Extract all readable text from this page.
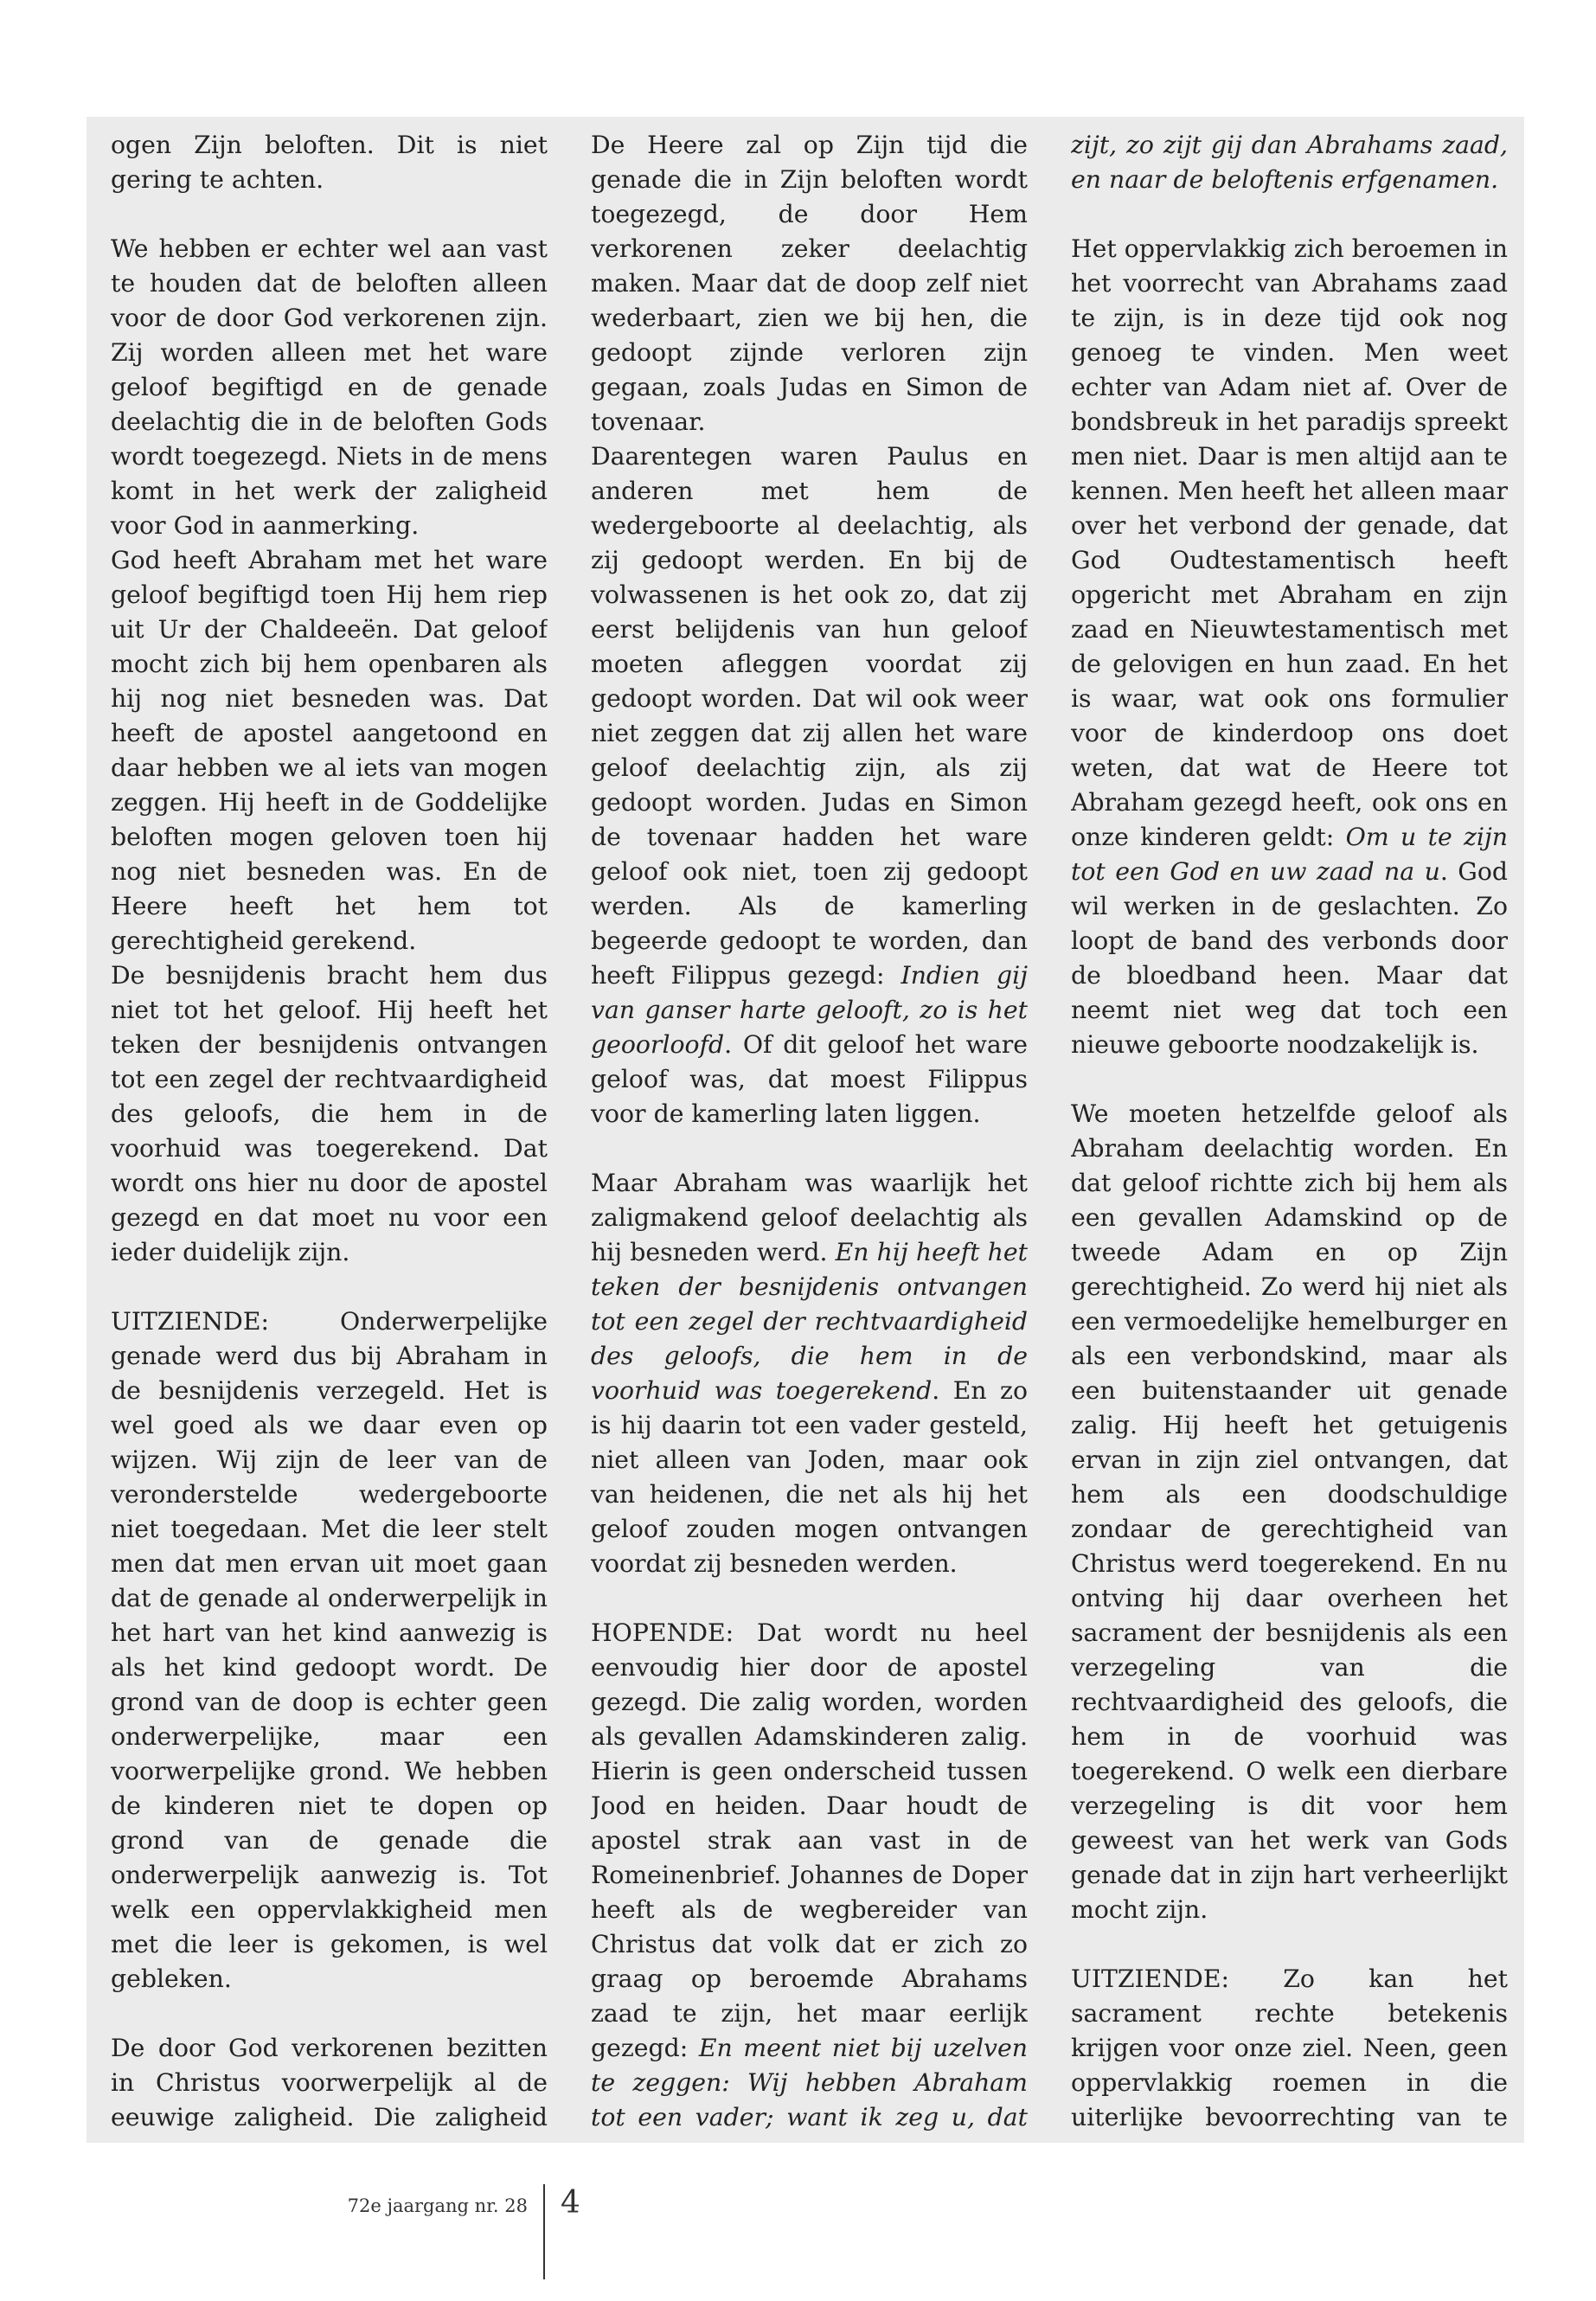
ogen Zijn beloften. Dit is niet gering te achten.

We hebben er echter wel aan vast te houden dat de beloften alleen voor de door God verkorenen zijn. Zij worden alleen met het ware geloof begiftigd en de genade deelachtig die in de beloften Gods wordt toegezegd. Niets in de mens komt in het werk der zaligheid voor God in aanmerking.

God heeft Abraham met het ware geloof begiftigd toen Hij hem riep uit Ur der Chaldeeën. Dat geloof mocht zich bij hem openbaren als hij nog niet besneden was. Dat heeft de apostel aangetoond en daar hebben we al iets van mogen zeggen. Hij heeft in de Goddelijke beloften mogen geloven toen hij nog niet besneden was. En de Heere heeft het hem tot gerechtigheid gerekend.

De besnijdenis bracht hem dus niet tot het geloof. Hij heeft het teken der besnijdenis ontvangen tot een zegel der rechtvaardigheid des geloofs, die hem in de voorhuid was toegerekend. Dat wordt ons hier nu door de apostel gezegd en dat moet nu voor een ieder duidelijk zijn.

UITZIENDE: Onderwerpelijke genade werd dus bij Abraham in de besnijdenis verzegeld. Het is wel goed als we daar even op wijzen. Wij zijn de leer van de veronderstelde wedergeboorte niet toegedaan. Met die leer stelt men dat men ervan uit moet gaan dat de genade al onderwerpelijk in het hart van het kind aanwezig is als het kind gedoopt wordt. De grond van de doop is echter geen onderwerpelijke, maar een voorwerpelijke grond. We hebben de kinderen niet te dopen op grond van de genade die onderwerpelijk aanwezig is. Tot welk een oppervlakkigheid men met die leer is gekomen, is wel gebleken.

De door God verkorenen bezitten in Christus voorwerpelijk al de eeuwige zaligheid. Die zaligheid

De Heere zal op Zijn tijd die genade die in Zijn beloften wordt toegezegd, de door Hem verkorenen zeker deelachtig maken. Maar dat de doop zelf niet wederbaart, zien we bij hen, die gedoopt zijnde verloren zijn gegaan, zoals Judas en Simon de tovenaar.

Daarentegen waren Paulus en anderen met hem de wedergeboorte al deelachtig, als zij gedoopt werden. En bij de volwassenen is het ook zo, dat zij eerst belijdenis van hun geloof moeten afleggen voordat zij gedoopt worden. Dat wil ook weer niet zeggen dat zij allen het ware geloof deelachtig zijn, als zij gedoopt worden. Judas en Simon de tovenaar hadden het ware geloof ook niet, toen zij gedoopt werden. Als de kamerling begeerde gedoopt te worden, dan heeft Filippus gezegd: Indien gij van ganser harte gelooft, zo is het geoorloofd. Of dit geloof het ware geloof was, dat moest Filippus voor de kamerling laten liggen.

Maar Abraham was waarlijk het zaligmakend geloof deelachtig als hij besneden werd. En hij heeft het teken der besnijdenis ontvangen tot een zegel der rechtvaardigheid des geloofs, die hem in de voorhuid was toegerekend. En zo is hij daarin tot een vader gesteld, niet alleen van Joden, maar ook van heidenen, die net als hij het geloof zouden mogen ontvangen voordat zij besneden werden.

HOPENDE: Dat wordt nu heel eenvoudig hier door de apostel gezegd. Die zalig worden, worden als gevallen Adamskinderen zalig. Hierin is geen onderscheid tussen Jood en heiden. Daar houdt de apostel strak aan vast in de Romeinenbrief. Johannes de Doper heeft als de wegbereider van Christus dat volk dat er zich zo graag op beroemde Abrahams zaad te zijn, het maar eerlijk gezegd: En meent niet bij uzelven te zeggen: Wij hebben Abraham tot een vader; want ik zeg u, dat

zijt, zo zijt gij dan Abrahams zaad, en naar de beloftenis erfgenamen.

Het oppervlakkig zich beroemen in het voorrecht van Abrahams zaad te zijn, is in deze tijd ook nog genoeg te vinden. Men weet echter van Adam niet af. Over de bondsbreuk in het paradijs spreekt men niet. Daar is men altijd aan te kennen. Men heeft het alleen maar over het verbond der genade, dat God Oudtestamentisch heeft opgericht met Abraham en zijn zaad en Nieuwtestamentisch met de gelovigen en hun zaad. En het is waar, wat ook ons formulier voor de kinderdoop ons doet weten, dat wat de Heere tot Abraham gezegd heeft, ook ons en onze kinderen geldt: Om u te zijn tot een God en uw zaad na u. God wil werken in de geslachten. Zo loopt de band des verbonds door de bloedband heen. Maar dat neemt niet weg dat toch een nieuwe geboorte noodzakelijk is.

We moeten hetzelfde geloof als Abraham deelachtig worden. En dat geloof richtte zich bij hem als een gevallen Adamskind op de tweede Adam en op Zijn gerechtigheid. Zo werd hij niet als een vermoedelijke hemelburger en als een verbondskind, maar als een buitenstaander uit genade zalig. Hij heeft het getuigenis ervan in zijn ziel ontvangen, dat hem als een doodschuldige zondaar de gerechtigheid van Christus werd toegerekend. En nu ontving hij daar overheen het sacrament der besnijdenis als een verzegeling van die rechtvaardigheid des geloofs, die hem in de voorhuid was toegerekend. O welk een dierbare verzegeling is dit voor hem geweest van het werk van Gods genade dat in zijn hart verheerlijkt mocht zijn.

UITZIENDE: Zo kan het sacrament rechte betekenis krijgen voor onze ziel. Neen, geen oppervlakkig roemen in die uiterlijke bevoorrechting van te

72e jaargang nr. 28 4
